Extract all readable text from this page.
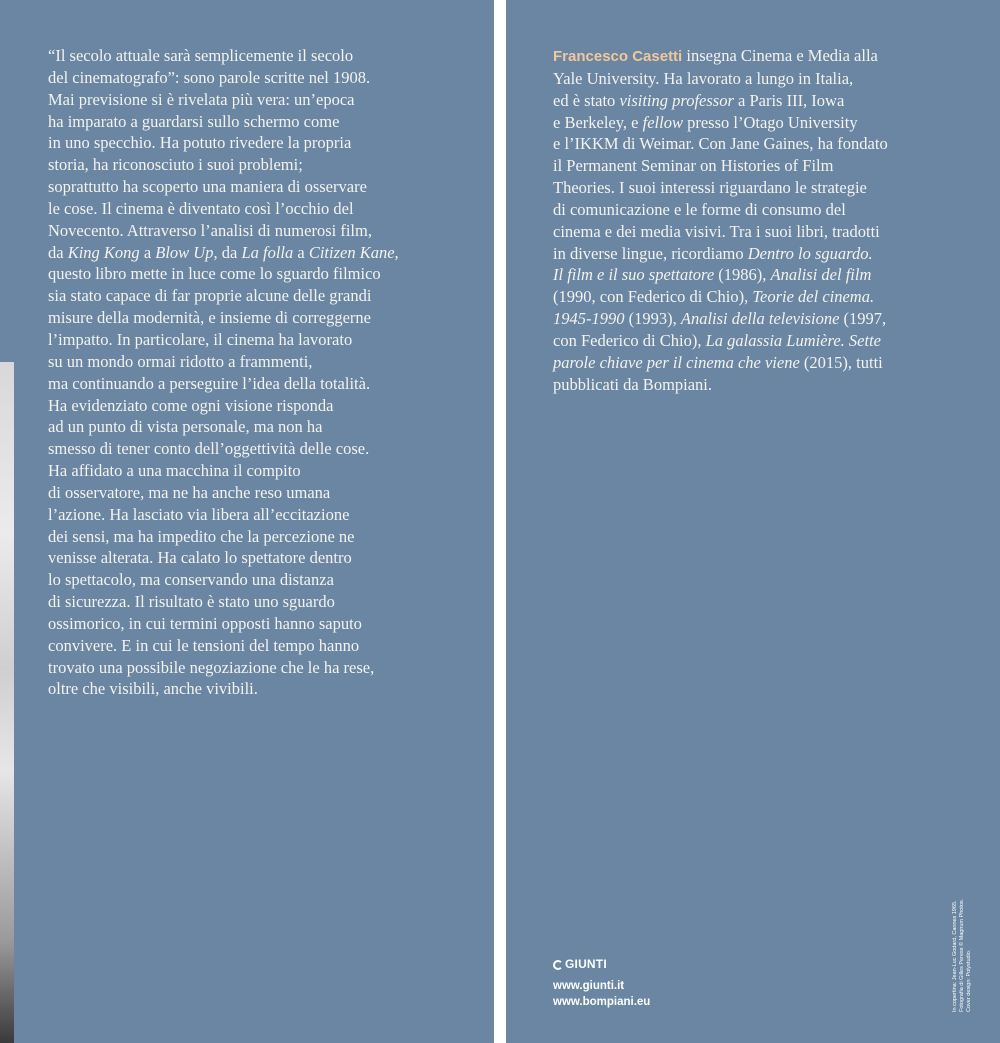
“Il secolo attuale sarà semplicemente il secolo
del cinematografo”: sono parole scritte nel 1908.
Mai previsione si è rivelata più vera: un’epoca
ha imparato a guardarsi sullo schermo come
in uno specchio. Ha potuto rivedere la propria
storia, ha riconosciuto i suoi problemi;
soprattutto ha scoperto una maniera di osservare
le cose. Il cinema è diventato così l’occhio del
Novecento. Attraverso l’analisi di numerosi film,
da King Kong a Blow Up, da La folla a Citizen Kane,
questo libro mette in luce come lo sguardo filmico
sia stato capace di far proprie alcune delle grandi
misure della modernità, e insieme di correggerne
l’impatto. In particolare, il cinema ha lavorato
su un mondo ormai ridotto a frammenti,
ma continuando a perseguire l’idea della totalità.
Ha evidenziato come ogni visione risponda
ad un punto di vista personale, ma non ha
smesso di tener conto dell’oggettività delle cose.
Ha affidato a una macchina il compito
di osservatore, ma ne ha anche reso umana
l’azione. Ha lasciato via libera all’eccitazione
dei sensi, ma ha impedito che la percezione ne
venisse alterata. Ha calato lo spettatore dentro
lo spettacolo, ma conservando una distanza
di sicurezza. Il risultato è stato uno sguardo
ossimorico, in cui termini opposti hanno saputo
convivere. E in cui le tensioni del tempo hanno
trovato una possibile negoziazione che le ha rese,
oltre che visibili, anche vivibili.
Francesco Casetti insegna Cinema e Media alla
Yale University. Ha lavorato a lungo in Italia,
ed è stato visiting professor a Paris III, Iowa
e Berkeley, e fellow presso l’Otago University
e l’IKKM di Weimar. Con Jane Gaines, ha fondato
il Permanent Seminar on Histories of Film
Theories. I suoi interessi riguardano le strategie
di comunicazione e le forme di consumo del
cinema e dei media visivi. Tra i suoi libri, tradotti
in diverse lingue, ricordiamo Dentro lo sguardo.
Il film e il suo spettatore (1986), Analisi del film
(1990, con Federico di Chio), Teorie del cinema.
1945-1990 (1993), Analisi della televisione (1997,
con Federico di Chio), La galassia Lumière. Sette
parole chiave per il cinema che viene (2015), tutti
pubblicati da Bompiani.
GIUNTI
www.giunti.it
www.bompiani.eu	In copertina: Jean-Luc Godard, Cannes 1965. Fotografia di Gilles Peress © Magnum Photos. Cover design: Polystudio.
